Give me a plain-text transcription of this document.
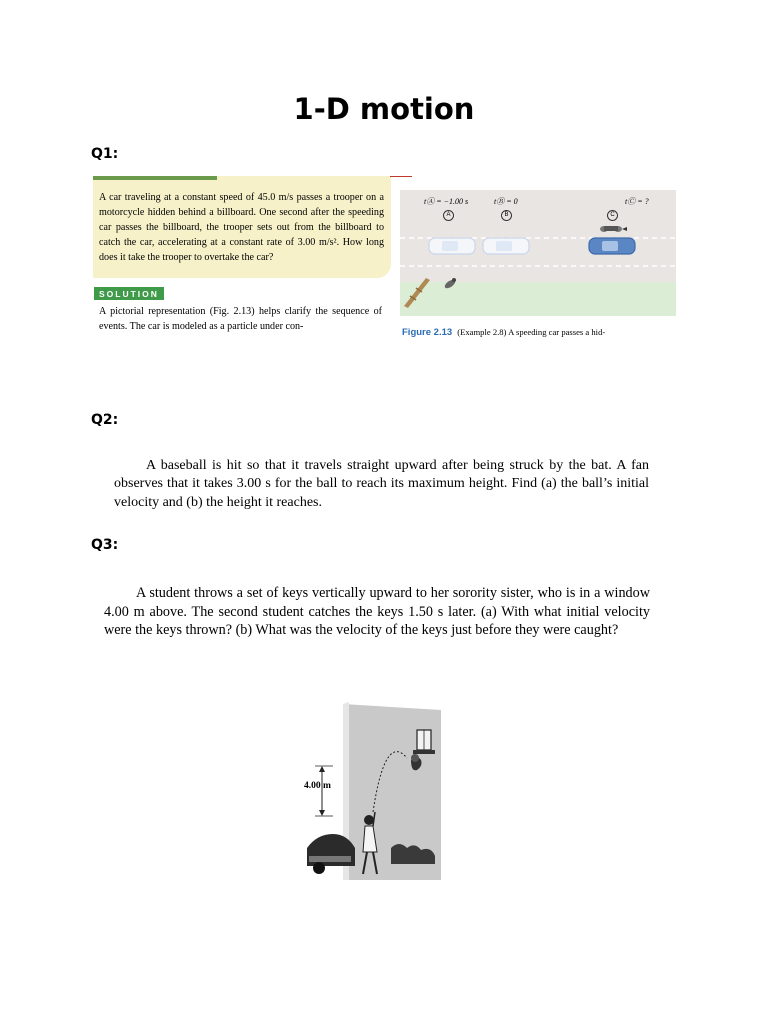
1-D motion
Q1:

A car traveling at a constant speed of 45.0 m/s passes a trooper on a motorcycle hidden behind a billboard. One second after the speeding car passes the billboard, the trooper sets out from the billboard to catch the car, accelerating at a constant rate of 3.00 m/s². How long does it take the trooper to overtake the car?

SOLUTION

A pictorial representation (Fig. 2.13) helps clarify the sequence of events. The car is modeled as a particle under con-

tⒶ = −1.00 s	tⒷ = 0	tⒸ = ?
A	B	C
Figure 2.13 (Example 2.8) A speeding car passes a hid-
Q2:

A baseball is hit so that it travels straight upward after being struck by the bat. A fan observes that it takes 3.00 s for the ball to reach its maximum height. Find (a) the ball’s initial velocity and (b) the height it reaches.

Q3:

A student throws a set of keys vertically upward to her sorority sister, who is in a window 4.00 m above. The second student catches the keys 1.50 s later. (a) With what initial velocity were the keys thrown? (b) What was the velocity of the keys just before they were caught?

4.00 m
